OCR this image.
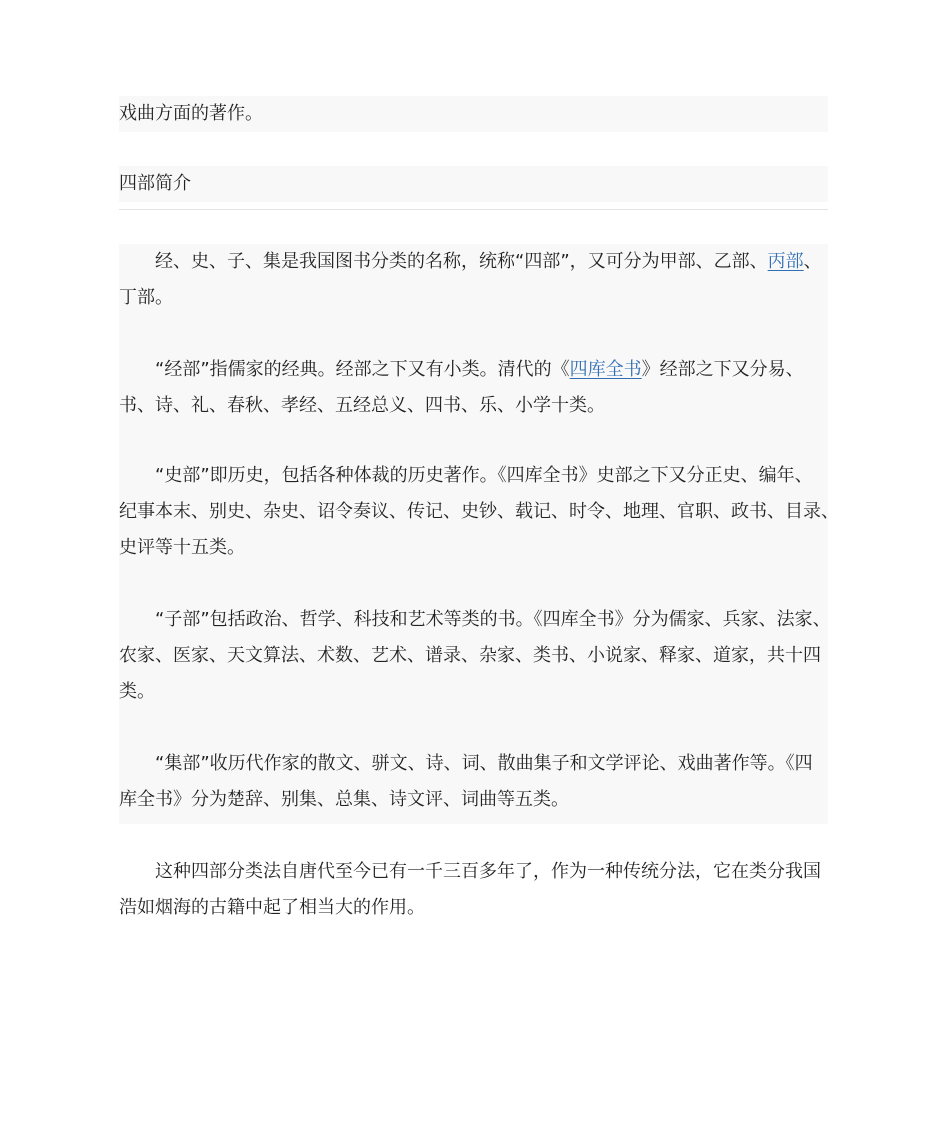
戏曲方面的著作。
四部简介
经、史、子、集是我国图书分类的名称，统称“四部”，又可分为甲部、乙部、丙部、
丁部。
“经部”指儒家的经典。经部之下又有小类。清代的《四库全书》经部之下又分易、
书、诗、礼、春秋、孝经、五经总义、四书、乐、小学十类。
“史部”即历史，包括各种体裁的历史著作。《四库全书》史部之下又分正史、编年、
纪事本末、别史、杂史、诏令奏议、传记、史钞、载记、时令、地理、官职、政书、目录、
史评等十五类。
“子部”包括政治、哲学、科技和艺术等类的书。《四库全书》分为儒家、兵家、法家、
农家、医家、天文算法、术数、艺术、谱录、杂家、类书、小说家、释家、道家，共十四
类。
“集部”收历代作家的散文、骈文、诗、词、散曲集子和文学评论、戏曲著作等。《四
库全书》分为楚辞、别集、总集、诗文评、词曲等五类。
这种四部分类法自唐代至今已有一千三百多年了，作为一种传统分法，它在类分我国
浩如烟海的古籍中起了相当大的作用。
